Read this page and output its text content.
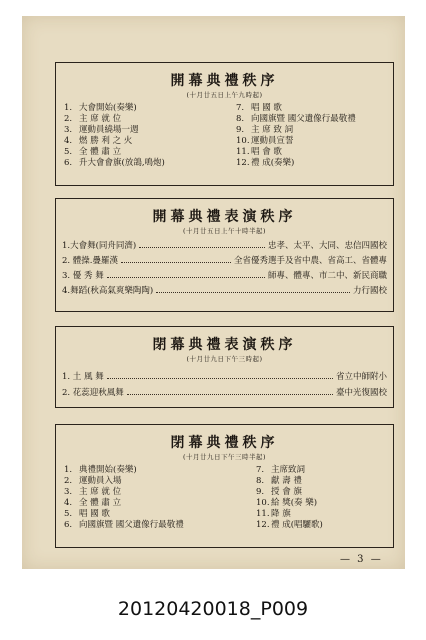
開幕典禮秩序
(十月廿五日上午九時起)
1. 大會開始(奏樂)
2. 主 席 就 位
3. 運動員繞場一週
4. 燃 勝 利 之 火
5. 全 體 肅 立
6. 升大會會旗(放鴿,鳴炮)
7. 唱 國 歌
8. 向國旗暨 國父遺像行最敬禮
9. 主 席 致 詞
10.運動員宣誓
11.唱 會 歌
12.禮 成(奏樂)
開幕典禮表演秩序
(十月廿五日上午十時半起)
1.大會舞(同舟同濟)	忠孝、太平、大同、忠信四國校
2. 體操.疊羅漢	全省優秀選手及省中農、省高工、省體專
3. 優 秀 舞	師專、體專、市二中、新民商職
4.舞蹈(秋高氣爽樂陶陶)	力行國校
閉幕典禮表演秩序
(十月廿九日下午三時起)
1. 土 風 舞	省立中師附小
2. 花蕊迎秋風舞	臺中光復國校
閉幕典禮秩序
(十月廿九日下午三時半起)
1. 典禮開始(奏樂)
2. 運動員入場
3. 主 席 就 位
4. 全 體 肅 立
5. 唱 國 歌
6. 向國旗暨 國父遺像行最敬禮
7. 主席致詞
8. 獻 壽 禮
9. 授 會 旗
10.給 獎(奏 樂)
11.降 旗
12.禮 成(唱驪歌)
— 3 —
20120420018_P009
